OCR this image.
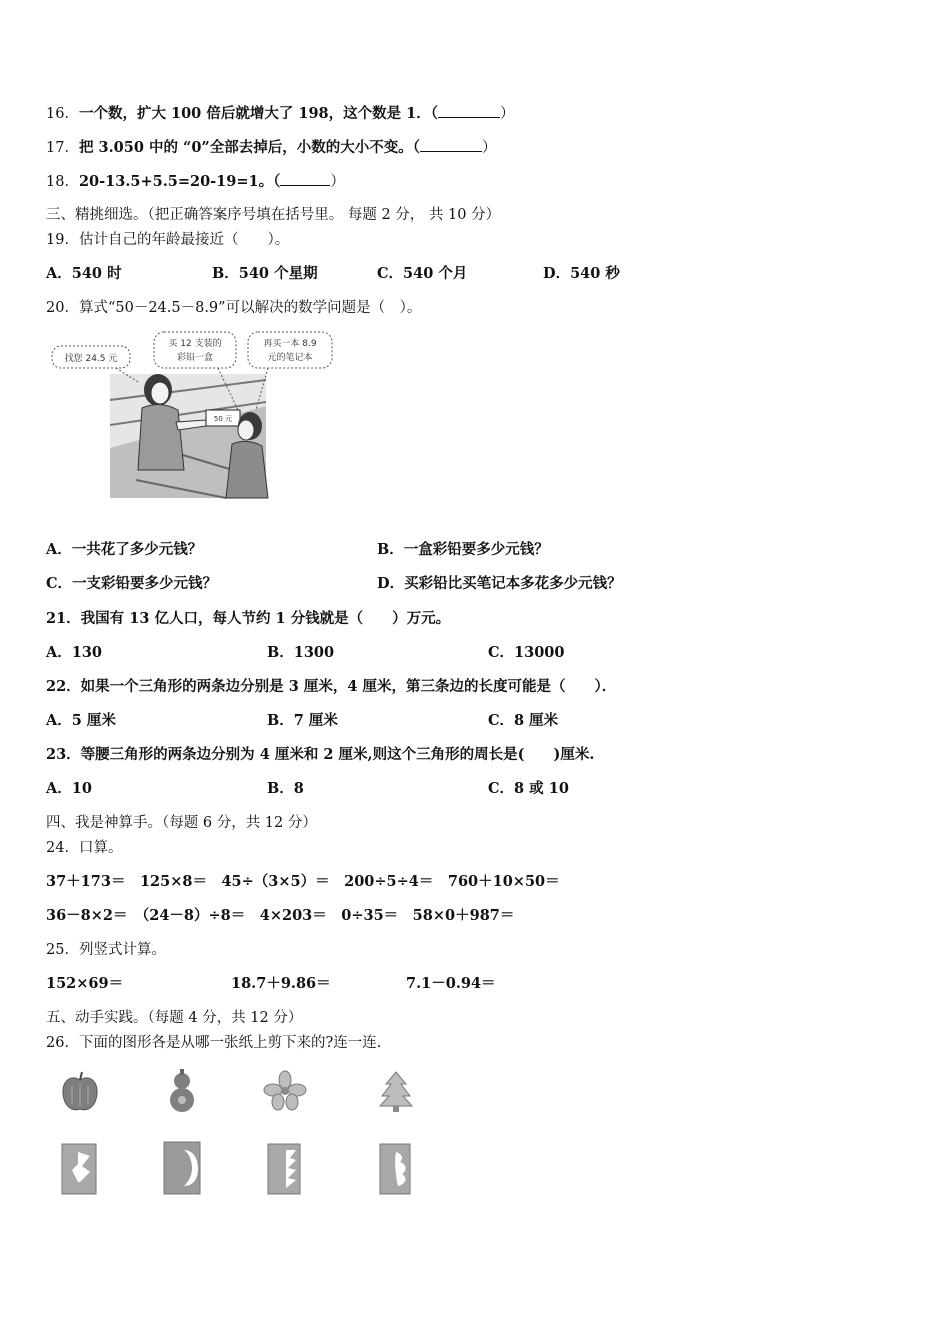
16．一个数，扩大 100 倍后就增大了 198，这个数是 1．（	）
17．把 3.050 中的 “0”全部去掉后，小数的大小不变。（	）
18．20-13.5+5.5=20-19=1。（	）
三、精挑细选。（把正确答案序号填在括号里。 每题 2 分， 共 10 分）
19．估计自己的年龄最接近（　　）。
A．540 时	B．540 个星期	C．540 个月	D．540 秒
20．算式“50－24.5－8.9”可以解决的数学问题是（　）。
50 元
找您 24.5 元
买 12 支装的
彩铅一盒
再买一本 8.9
元的笔记本
A．一共花了多少元钱？	B．一盒彩铅要多少元钱？
C．一支彩铅要多少元钱？	D．买彩铅比买笔记本多花多少元钱？
21．我国有 13 亿人口，每人节约 1 分钱就是（　　）万元。
A．130	B．1300	C．13000
22．如果一个三角形的两条边分别是 3 厘米，4 厘米，第三条边的长度可能是（　　）．
A．5 厘米	B．7 厘米	C．8 厘米
23．等腰三角形的两条边分别为 4 厘米和 2 厘米,则这个三角形的周长是(　　)厘米.
A．10	B．8	C．8 或 10
四、我是神算手。（每题 6 分，共 12 分）
24．口算。
37＋173＝　125×8＝　45÷（3×5）＝　200÷5÷4＝　760＋10×50＝
36－8×2＝　（24－8）÷8＝　4×203＝　0÷35＝　58×0＋987＝
25．列竖式计算。
152×69＝	18.7＋9.86＝	7.1－0.94＝
五、动手实践。（每题 4 分，共 12 分）
26．下面的图形各是从哪一张纸上剪下来的?连一连.
